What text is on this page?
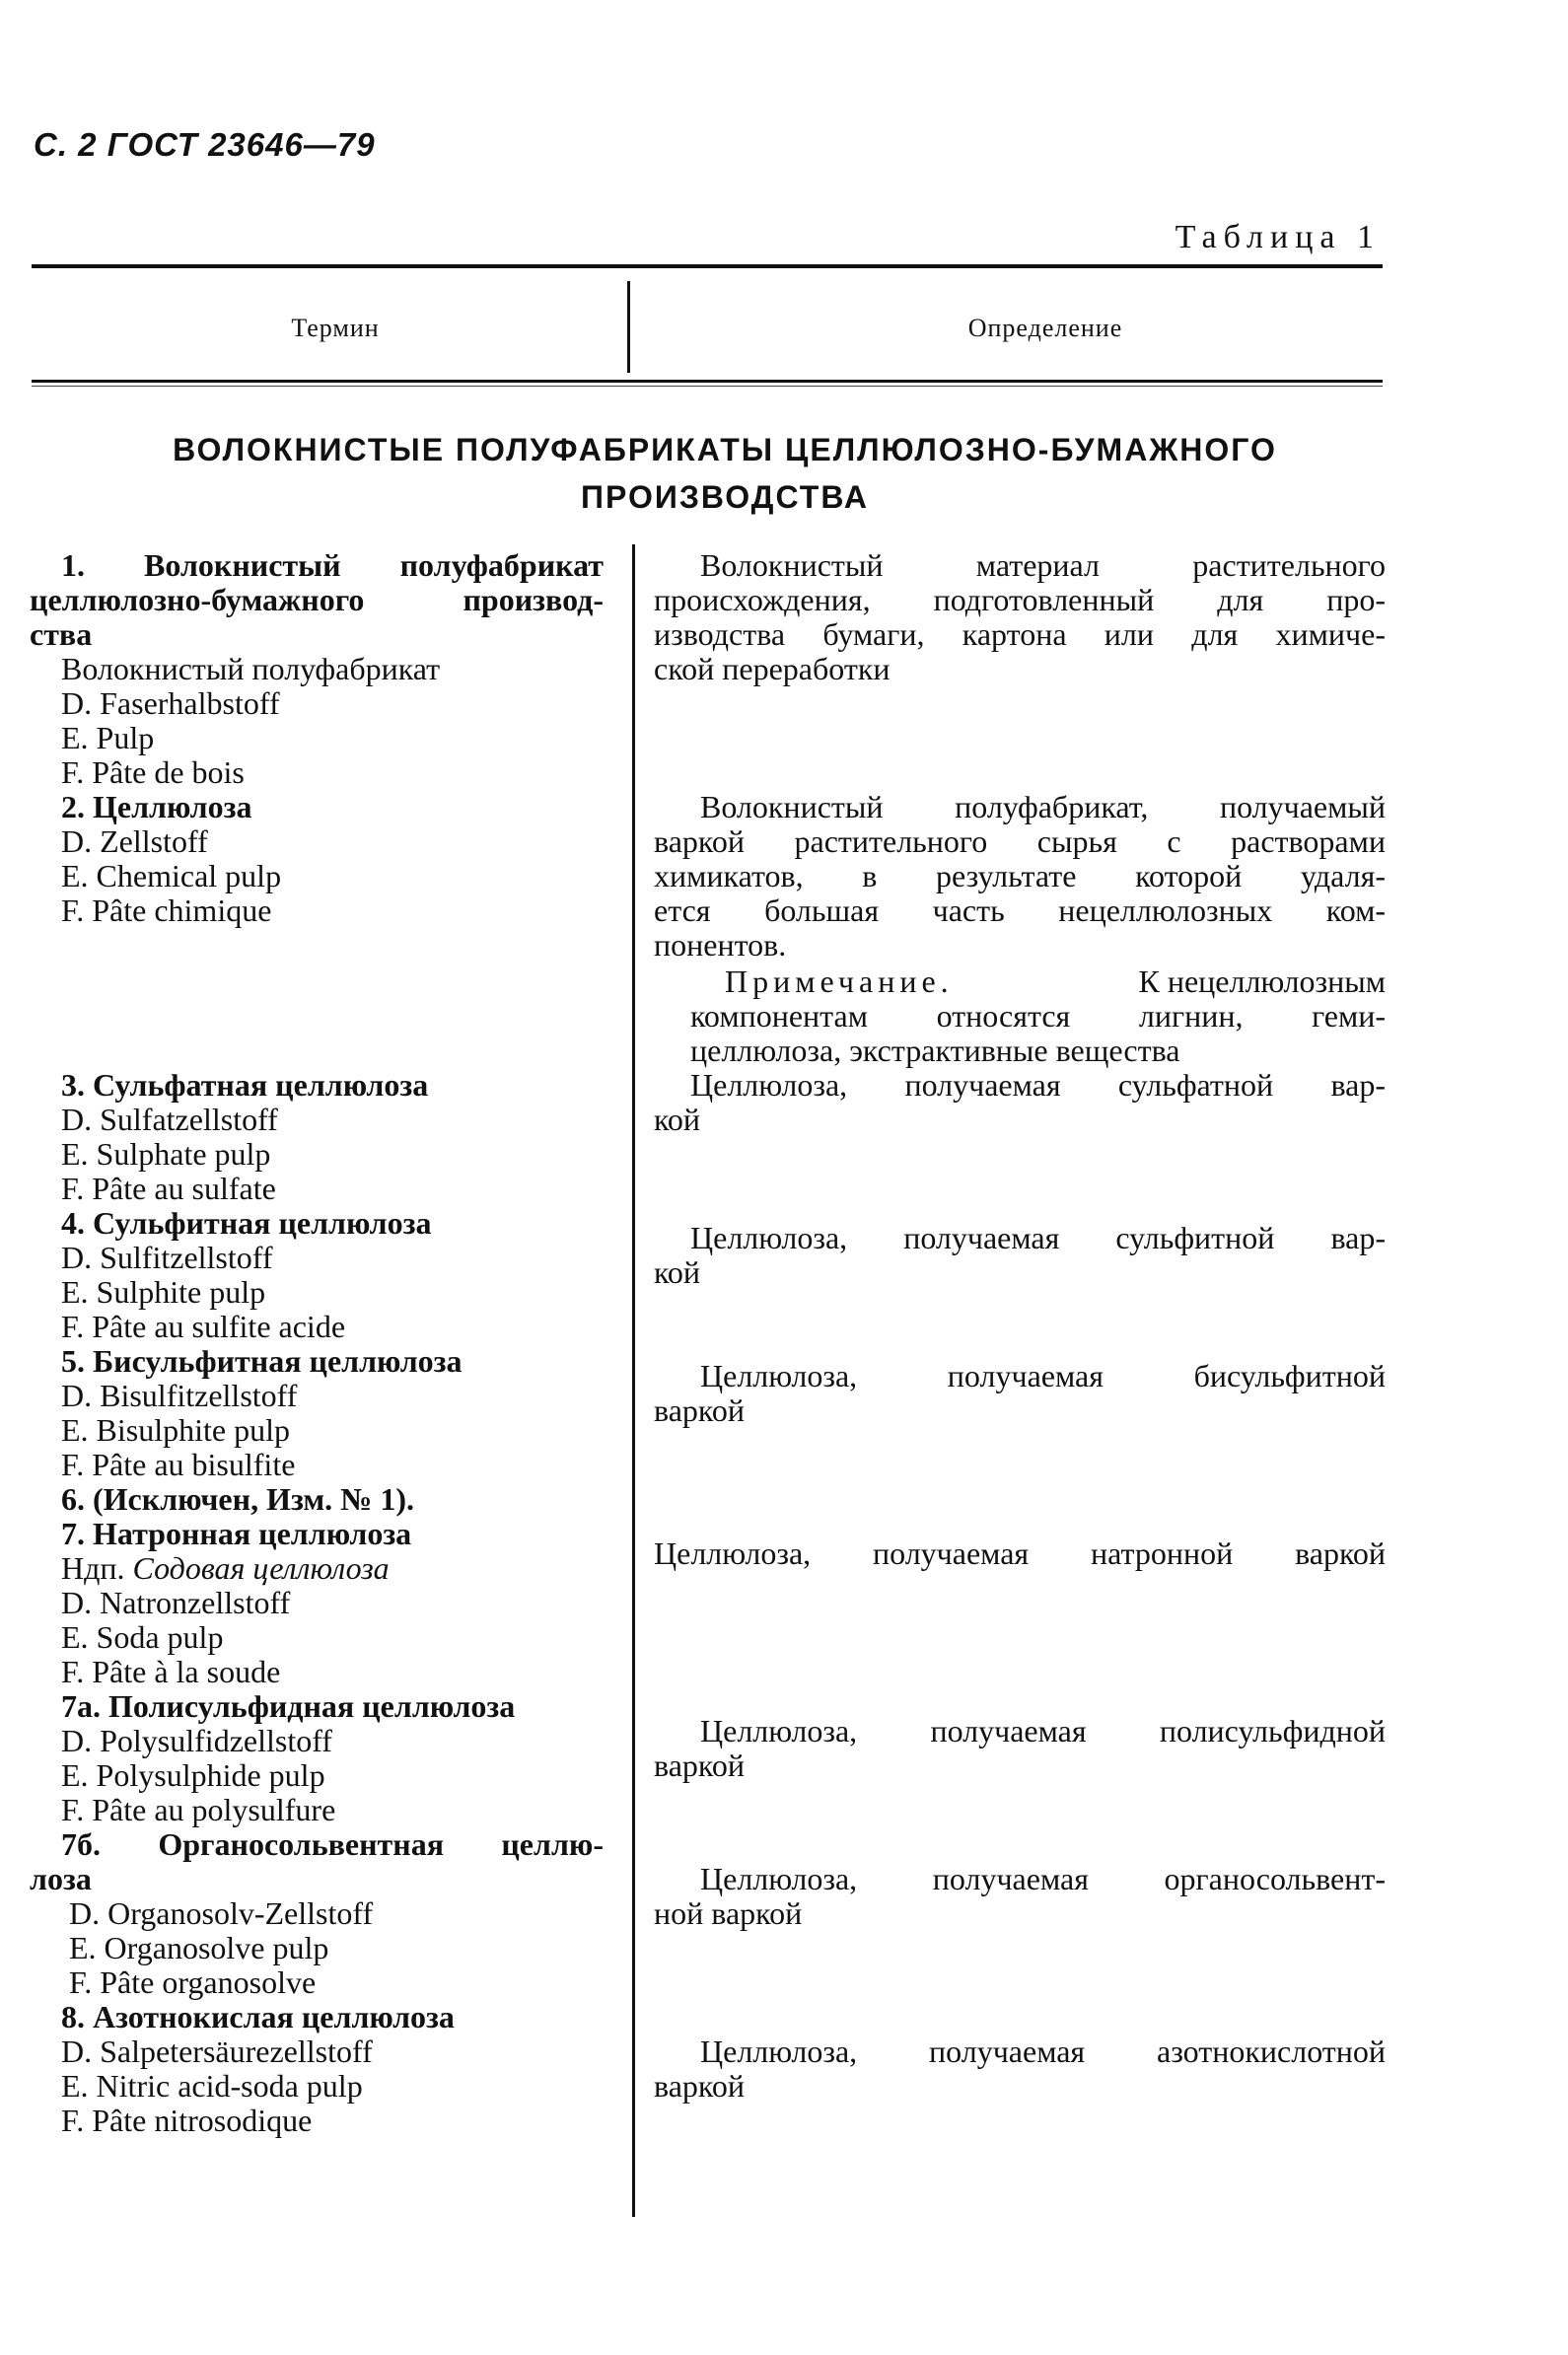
С. 2 ГОСТ 23646—79
Таблица 1
Термин	Определение
ВОЛОКНИСТЫЕ ПОЛУФАБРИКАТЫ ЦЕЛЛЮЛОЗНО-БУМАЖНОГО
ПРОИЗВОДСТВА
1. Волокнистый полуфабрикат
целлюлозно-бумажного производ-
ства
Волокнистый полуфабрикат
D. Faserhalbstoff
E. Pulp
F. Pâte de bois
2. Целлюлоза
D. Zellstoff
E. Chemical pulp
F. Pâte chimique
3. Сульфатная целлюлоза
D. Sulfatzellstoff
E. Sulphate pulp
F. Pâte au sulfate
4. Сульфитная целлюлоза
D. Sulfitzellstoff
E. Sulphite pulp
F. Pâte au sulfite acide
5. Бисульфитная целлюлоза
D. Bisulfitzellstoff
E. Bisulphite pulp
F. Pâte au bisulfite
6. (Исключен, Изм. № 1).
7. Натронная целлюлоза
Ндп. Содовая целлюлоза
D. Natronzellstoff
E. Soda pulp
F. Pâte à la soude
7а. Полисульфидная целлюлоза
D. Polysulfidzellstoff
E. Polysulphide pulp
F. Pâte au polysulfure
7б. Органосольвентная целлю-
лоза
D. Organosolv-Zellstoff
E. Organosolve pulp
F. Pâte organosolve
8. Азотнокислая целлюлоза
D. Salpetersäurezellstoff
E. Nitric acid-soda pulp
F. Pâte nitrosodique
Волокнистый материал растительного
происхождения, подготовленный для про-
изводства бумаги, картона или для химиче-
ской переработки
Волокнистый полуфабрикат, получаемый
варкой растительного сырья с растворами
химикатов, в результате которой удаля-
ется большая часть нецеллюлозных ком-
понентов.
Примечание.	К нецеллюлозным
компонентам относятся лигнин, геми-
целлюлоза, экстрактивные вещества
Целлюлоза, получаемая сульфатной вар-
кой
Целлюлоза, получаемая сульфитной вар-
кой
Целлюлоза, получаемая бисульфитной
варкой
Целлюлоза, получаемая натронной варкой
Целлюлоза, получаемая полисульфидной
варкой
Целлюлоза, получаемая органосольвент-
ной варкой
Целлюлоза, получаемая азотнокислотной
варкой
